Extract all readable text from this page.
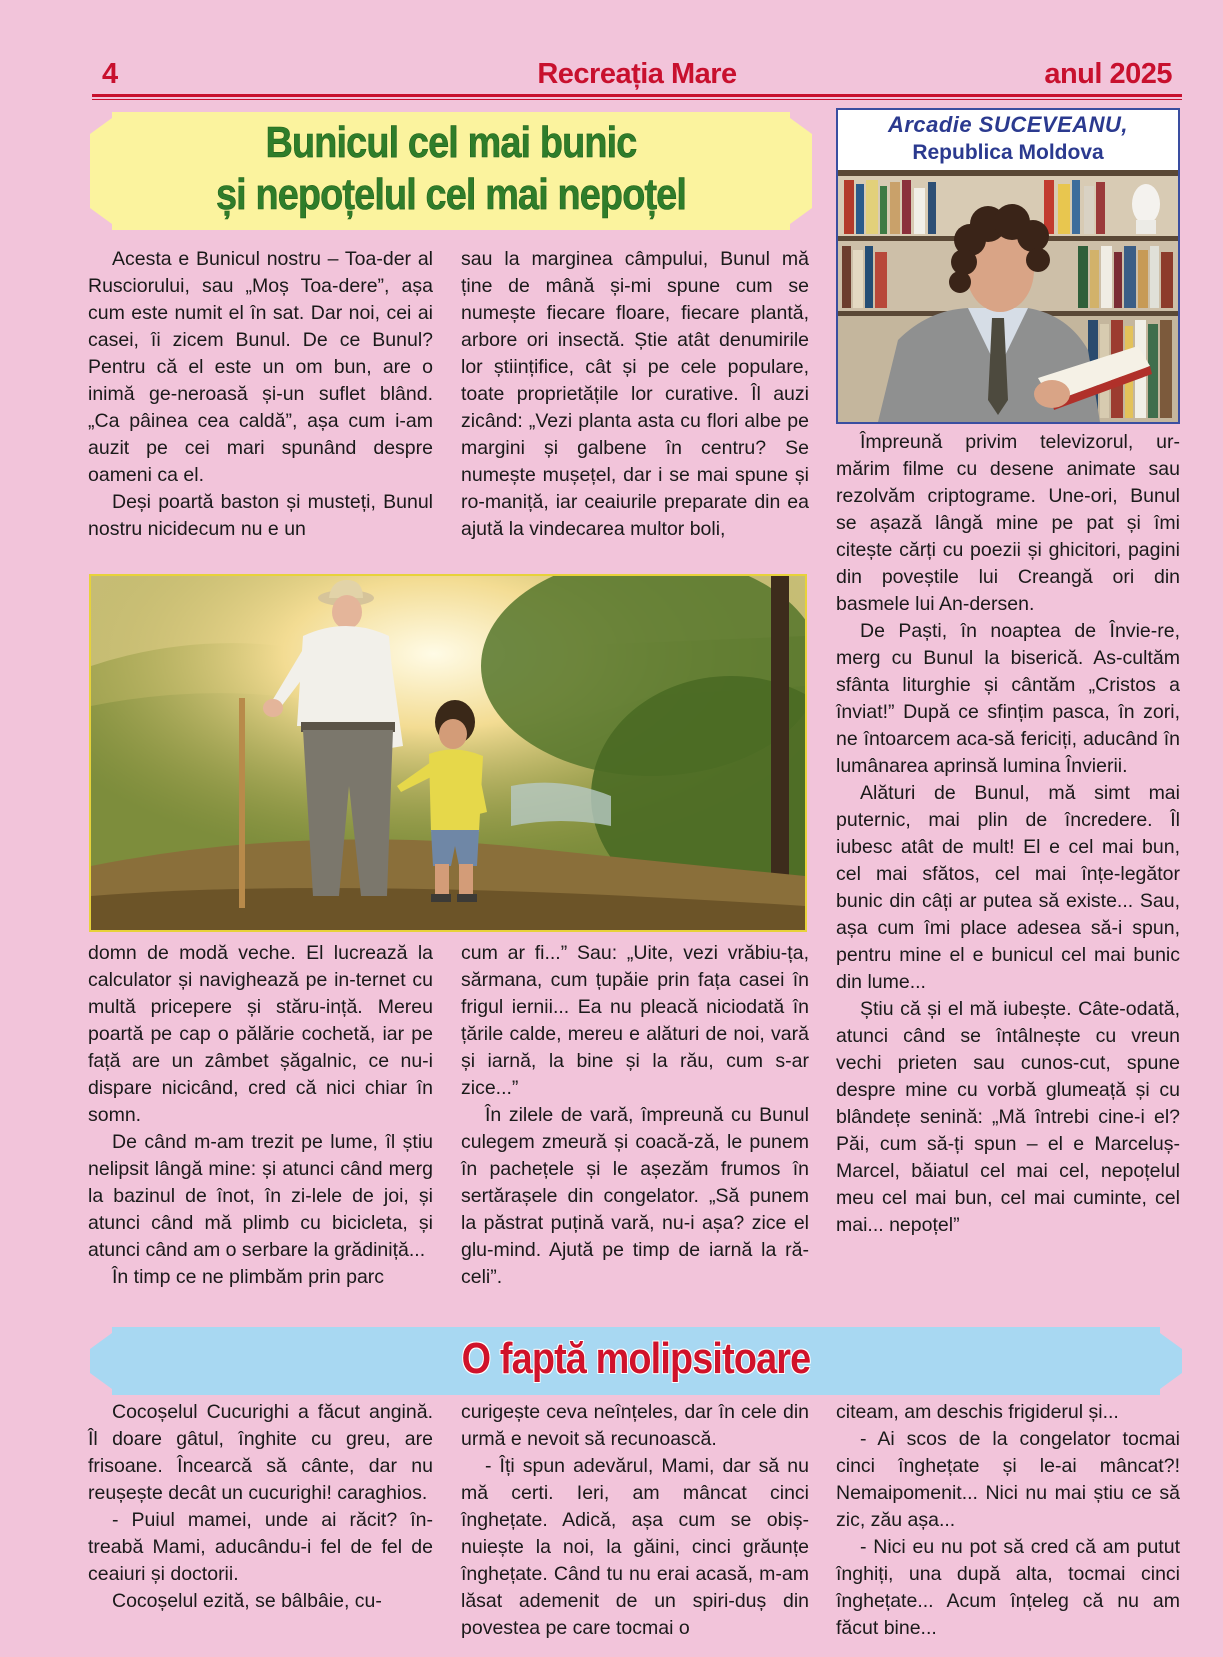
4	Recreația Mare	anul 2025
Bunicul cel mai bunic
și nepoțelul cel mai nepoțel
Arcadie SUCEVEANU,
Republica Moldova

Acesta e Bunicul nostru – Toa-der al Rusciorului, sau „Moș Toa-dere”, așa cum este numit el în sat. Dar noi, cei ai casei, îi zicem Bunul. De ce Bunul? Pentru că el este un om bun, are o inimă ge-neroasă și-un suflet blând. „Ca pâinea cea caldă”, așa cum i-am auzit pe cei mari spunând despre oameni ca el.

Deși poartă baston și musteți, Bunul nostru nicidecum nu e un

sau la marginea câmpului, Bunul mă ține de mână și-mi spune cum se numește fiecare floare, fiecare plantă, arbore ori insectă. Știe atât denumirile lor științifice, cât și pe cele populare, toate proprietățile lor curative. Îl auzi zicând: „Vezi planta asta cu flori albe pe margini și galbene în centru? Se numește mușețel, dar i se mai spune și ro-maniță, iar ceaiurile preparate din ea ajută la vindecarea multor boli,

domn de modă veche. El lucrează la calculator și navighează pe in-ternet cu multă pricepere și stăru-ință. Mereu poartă pe cap o pălărie cochetă, iar pe față are un zâmbet șăgalnic, ce nu-i dispare nicicând, cred că nici chiar în somn.

De când m-am trezit pe lume, îl știu nelipsit lângă mine: și atunci când merg la bazinul de înot, în zi-lele de joi, și atunci când mă plimb cu bicicleta, și atunci când am o serbare la grădiniță...

În timp ce ne plimbăm prin parc

cum ar fi...” Sau: „Uite, vezi vrăbiu-ța, sărmana, cum țupăie prin fața casei în frigul iernii... Ea nu pleacă niciodată în țările calde, mereu e alături de noi, vară și iarnă, la bine și la rău, cum s-ar zice...”

În zilele de vară, împreună cu Bunul culegem zmeură și coacă-ză, le punem în pachețele și le așezăm frumos în sertărașele din congelator. „Să punem la păstrat puțină vară, nu-i așa? zice el glu-mind. Ajută pe timp de iarnă la ră-celi”.

Împreună privim televizorul, ur-mărim filme cu desene animate sau rezolvăm criptograme. Une-ori, Bunul se așază lângă mine pe pat și îmi citește cărți cu poezii și ghicitori, pagini din poveștile lui Creangă ori din basmele lui An-dersen.

De Paști, în noaptea de Învie-re, merg cu Bunul la biserică. As-cultăm sfânta liturghie și cântăm „Cristos a înviat!” După ce sfințim pasca, în zori, ne întoarcem aca-să fericiți, aducând în lumânarea aprinsă lumina Învierii.

Alături de Bunul, mă simt mai puternic, mai plin de încredere. Îl iubesc atât de mult! El e cel mai bun, cel mai sfătos, cel mai înțe-legător bunic din câți ar putea să existe... Sau, așa cum îmi place adesea să-i spun, pentru mine el e bunicul cel mai bunic din lume...

Știu că și el mă iubește. Câte-odată, atunci când se întâlnește cu vreun vechi prieten sau cunos-cut, spune despre mine cu vorbă glumeață și cu blândețe senină: „Mă întrebi cine-i el? Păi, cum să-ți spun – el e Marceluș-Marcel, băiatul cel mai cel, nepoțelul meu cel mai bun, cel mai cuminte, cel mai... nepoțel”

O faptă molipsitoare

Cocoșelul Cucurighi a făcut angină. Îl doare gâtul, înghite cu greu, are frisoane. Încearcă să cânte, dar nu reușește decât un cucurighi! caraghios.

- Puiul mamei, unde ai răcit? în-treabă Mami, aducându-i fel de fel de ceaiuri și doctorii.

Cocoșelul ezită, se bâlbâie, cu-

curigește ceva neînțeles, dar în cele din urmă e nevoit să recunoască.

- Îți spun adevărul, Mami, dar să nu mă certi. Ieri, am mâncat cinci înghețate. Adică, așa cum se obiș-nuiește la noi, la găini, cinci grăunțe înghețate. Când tu nu erai acasă, m-am lăsat ademenit de un spiri-duș din povestea pe care tocmai o

citeam, am deschis frigiderul și...

- Ai scos de la congelator tocmai cinci înghețate și le-ai mâncat?! Nemaipomenit... Nici nu mai știu ce să zic, zău așa...

- Nici eu nu pot să cred că am putut înghiți, una după alta, tocmai cinci înghețate... Acum înțeleg că nu am făcut bine...
